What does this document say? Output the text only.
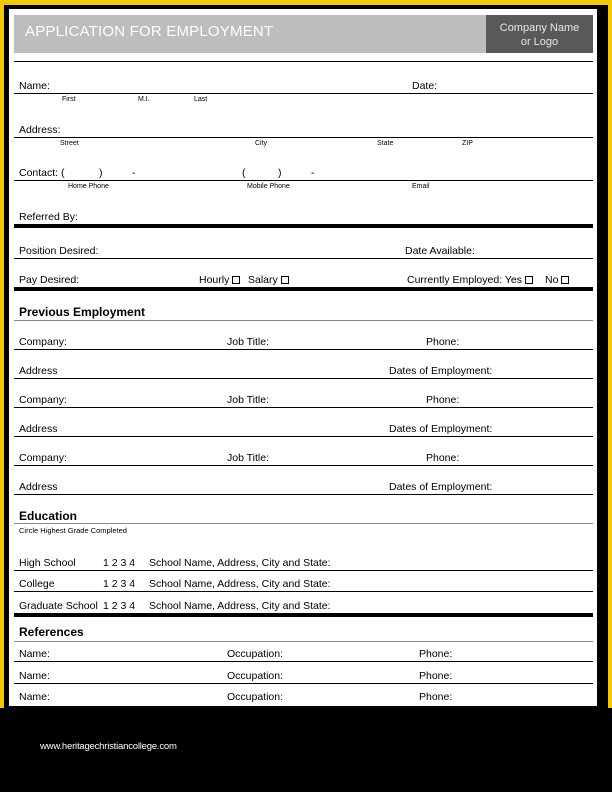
APPLICATION FOR EMPLOYMENT	Company Name
or Logo
Name:	Date:
First	M.I.	Last
Address:
Street	City	State	ZIP
Contact: (	)	-	(	)	-
Home Phone	Mobile Phone	Email
Referred By:
Position Desired:	Date Available:
Pay Desired:	Hourly	Salary	Currently Employed: Yes	No
Previous Employment
Company:	Job Title:	Phone:
Address	Dates of Employment:
Company:	Job Title:	Phone:
Address	Dates of Employment:
Company:	Job Title:	Phone:
Address	Dates of Employment:
Education
Circle Highest Grade Completed
High School	1 2 3 4 School Name, Address, City and State:
College	1 2 3 4 School Name, Address, City and State:
Graduate School 1 2 3 4 School Name, Address, City and State:
References
Name:	Occupation:	Phone:
Name:	Occupation:	Phone:
Name:	Occupation:	Phone:
www.heritagechristiancollege.com
